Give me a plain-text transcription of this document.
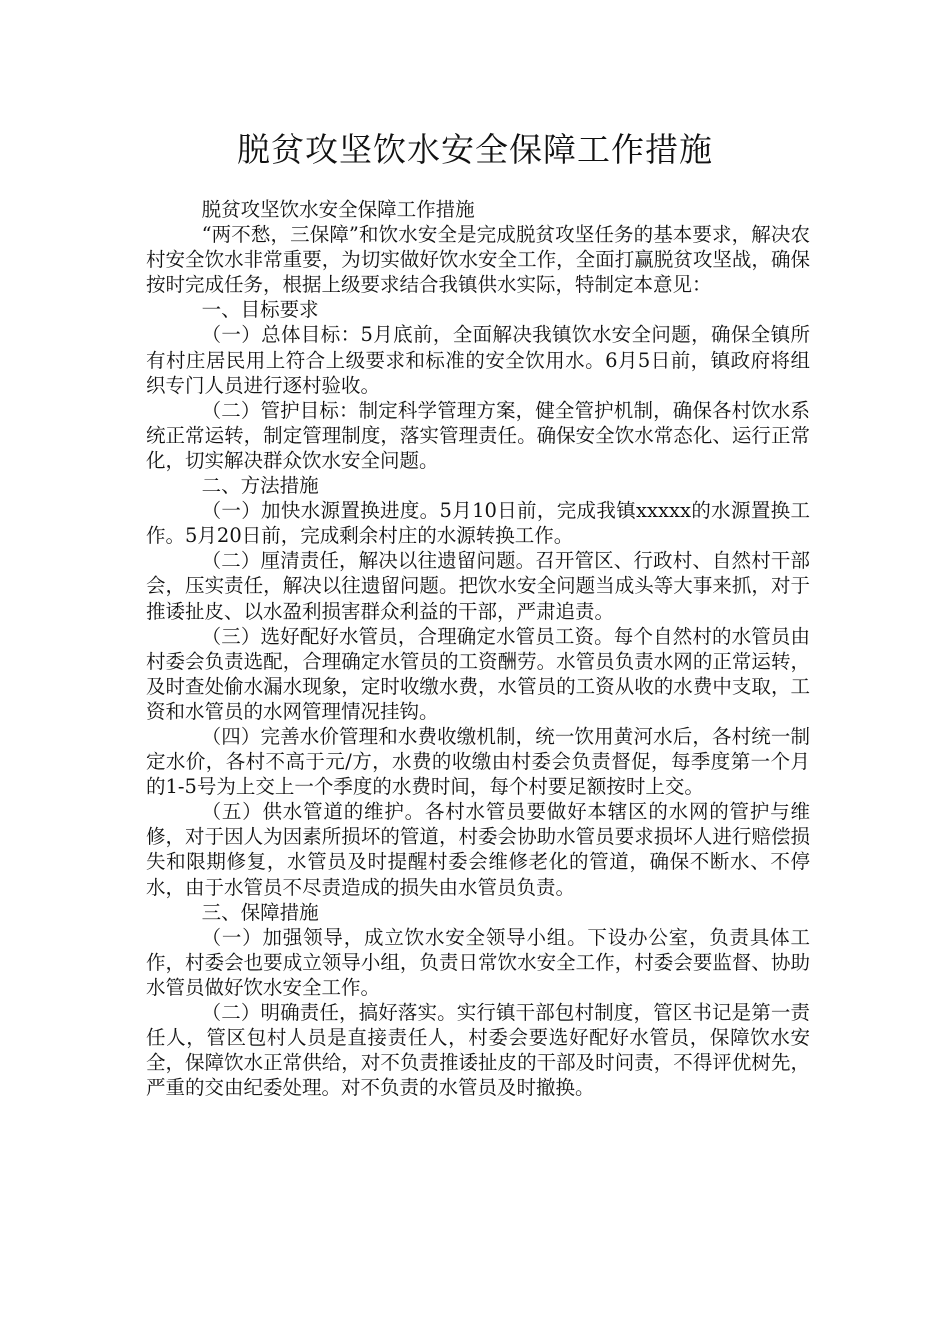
脱贫攻坚饮水安全保障工作措施

脱贫攻坚饮水安全保障工作措施

“两不愁，三保障”和饮水安全是完成脱贫攻坚任务的基本要求，解决农村安全饮水非常重要，为切实做好饮水安全工作，全面打赢脱贫攻坚战，确保按时完成任务，根据上级要求结合我镇供水实际，特制定本意见：

一、目标要求

（一）总体目标：5月底前，全面解决我镇饮水安全问题，确保全镇所有村庄居民用上符合上级要求和标准的安全饮用水。6月5日前，镇政府将组织专门人员进行逐村验收。

（二）管护目标：制定科学管理方案，健全管护机制，确保各村饮水系统正常运转，制定管理制度，落实管理责任。确保安全饮水常态化、运行正常化，切实解决群众饮水安全问题。

二、方法措施

（一）加快水源置换进度。5月10日前，完成我镇xxxxx的水源置换工作。5月20日前，完成剩余村庄的水源转换工作。

（二）厘清责任，解决以往遗留问题。召开管区、行政村、自然村干部会，压实责任，解决以往遗留问题。把饮水安全问题当成头等大事来抓，对于推诿扯皮、以水盈利损害群众利益的干部，严肃追责。

（三）选好配好水管员，合理确定水管员工资。每个自然村的水管员由村委会负责选配，合理确定水管员的工资酬劳。水管员负责水网的正常运转，及时查处偷水漏水现象，定时收缴水费，水管员的工资从收的水费中支取，工资和水管员的水网管理情况挂钩。

（四）完善水价管理和水费收缴机制，统一饮用黄河水后，各村统一制定水价，各村不高于元/方，水费的收缴由村委会负责督促，每季度第一个月的1-5号为上交上一个季度的水费时间，每个村要足额按时上交。

（五）供水管道的维护。各村水管员要做好本辖区的水网的管护与维修，对于因人为因素所损坏的管道，村委会协助水管员要求损坏人进行赔偿损失和限期修复，水管员及时提醒村委会维修老化的管道，确保不断水、不停水，由于水管员不尽责造成的损失由水管员负责。

三、保障措施

（一）加强领导，成立饮水安全领导小组。下设办公室，负责具体工作，村委会也要成立领导小组，负责日常饮水安全工作，村委会要监督、协助水管员做好饮水安全工作。

（二）明确责任，搞好落实。实行镇干部包村制度，管区书记是第一责任人，管区包村人员是直接责任人，村委会要选好配好水管员，保障饮水安全，保障饮水正常供给，对不负责推诿扯皮的干部及时问责，不得评优树先，严重的交由纪委处理。对不负责的水管员及时撤换。
